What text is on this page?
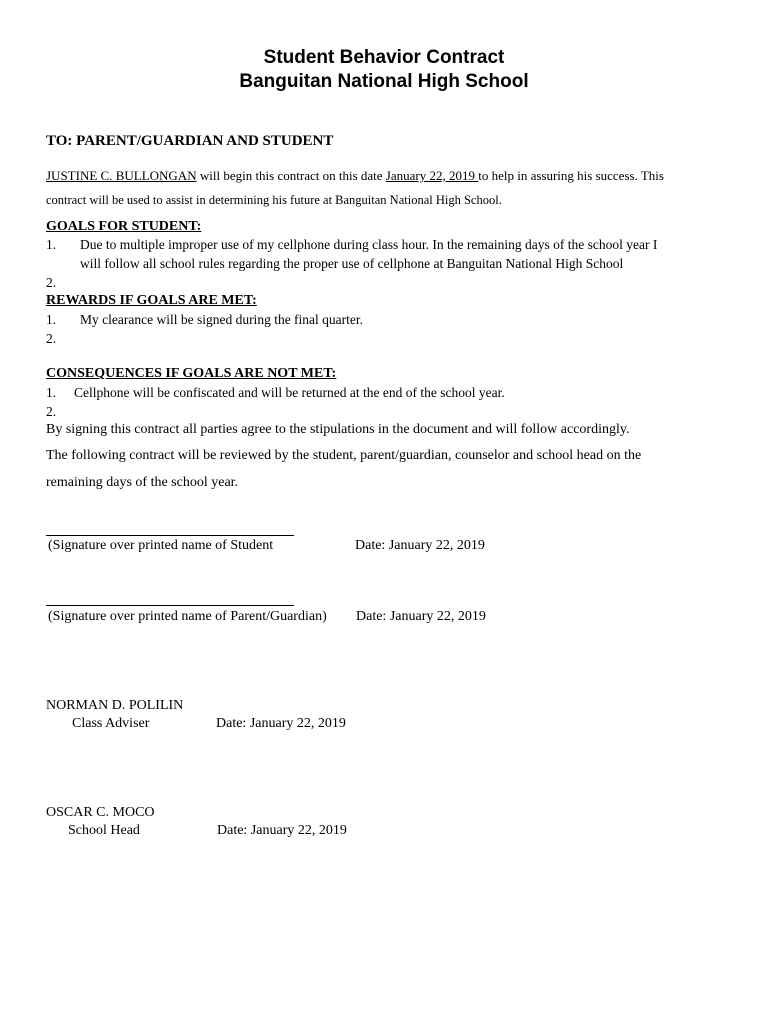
Student Behavior Contract
Banguitan National High School
TO: PARENT/GUARDIAN AND STUDENT
JUSTINE C. BULLONGAN will begin this contract on this date January 22, 2019 to help in assuring his success. This
contract will be used to assist in determining his future at Banguitan National High School.
GOALS FOR STUDENT:
1. Due to multiple improper use of my cellphone during class hour. In the remaining days of the school year I
will follow all school rules regarding the proper use of cellphone at Banguitan National High School
2.
REWARDS IF GOALS ARE MET:
1. My clearance will be signed during the final quarter.
2.
CONSEQUENCES IF GOALS ARE NOT MET:
1. Cellphone will be confiscated and will be returned at the end of the school year.
2.
By signing this contract all parties agree to the stipulations in the document and will follow accordingly.
The following contract will be reviewed by the student, parent/guardian, counselor and school head on the
remaining days of the school year.
(Signature over printed name of Student	Date: January 22, 2019
(Signature over printed name of Parent/Guardian) Date: January 22, 2019
NORMAN D. POLILIN
Class Adviser	Date: January 22, 2019
OSCAR C. MOCO
School Head	Date: January 22, 2019
